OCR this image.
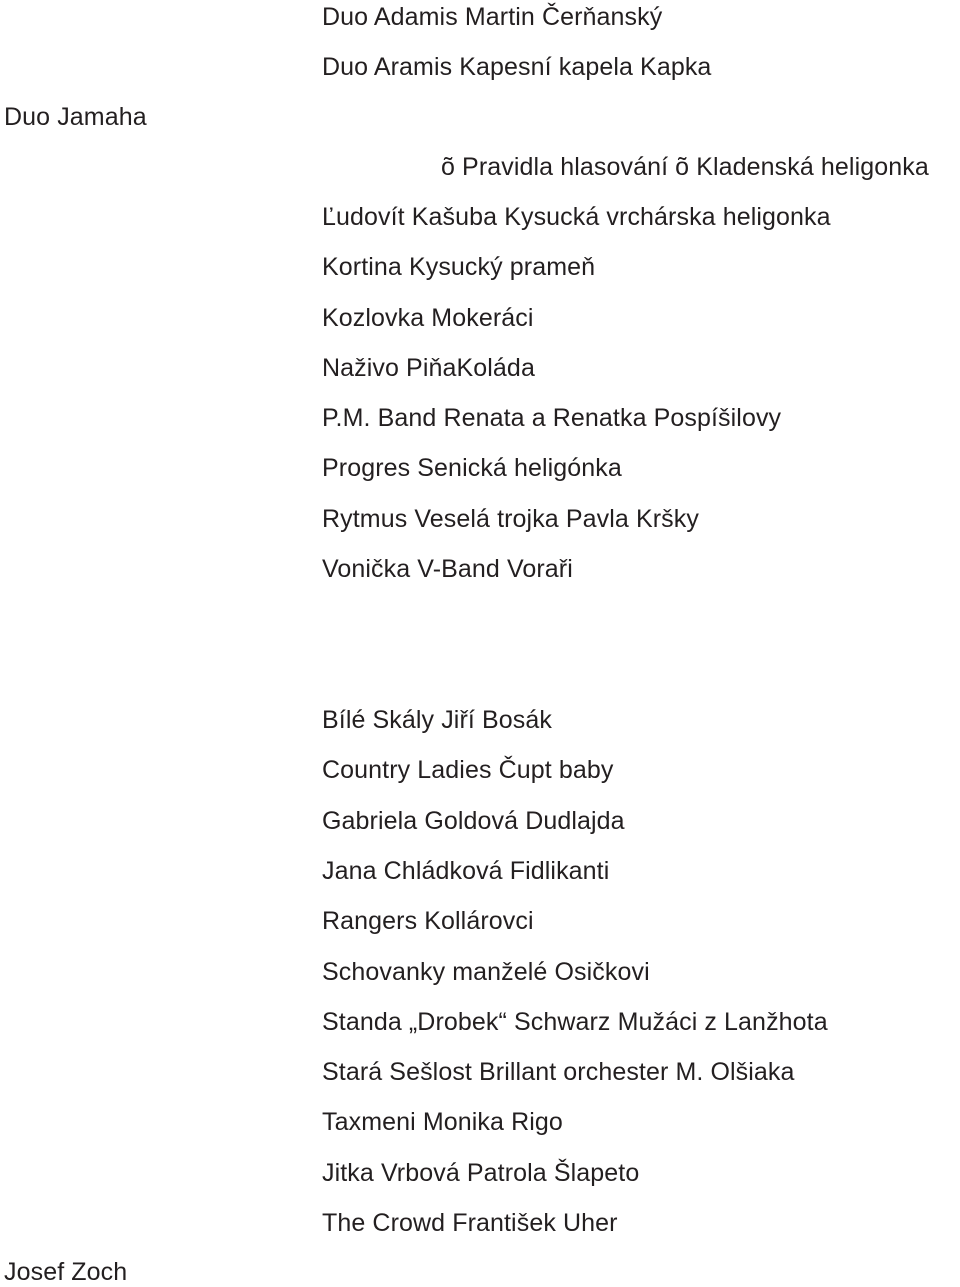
Duo Adamis Martin Čerňanský
Duo Aramis Kapesní kapela Kapka
Duo Jamaha
õ Pravidla hlasování õ Kladenská heligonka
Ľudovít Kašuba Kysucká vrchárska heligonka
Kortina Kysucký prameň
Kozlovka Mokeráci
Naživo PiňaKoláda
P.M. Band Renata a Renatka Pospíšilovy
Progres Senická heligónka
Rytmus Veselá trojka Pavla Kršky
Vonička V-Band Voraři
Bílé Skály Jiří Bosák
Country Ladies Čupt baby
Gabriela Goldová Dudlajda
Jana Chládková Fidlikanti
Rangers Kollárovci
Schovanky manželé Osičkovi
Standa „Drobek“ Schwarz Mužáci z Lanžhota
Stará Sešlost Brillant orchester M. Olšiaka
Taxmeni Monika Rigo
Jitka Vrbová Patrola Šlapeto
The Crowd František Uher
Josef Zoch
